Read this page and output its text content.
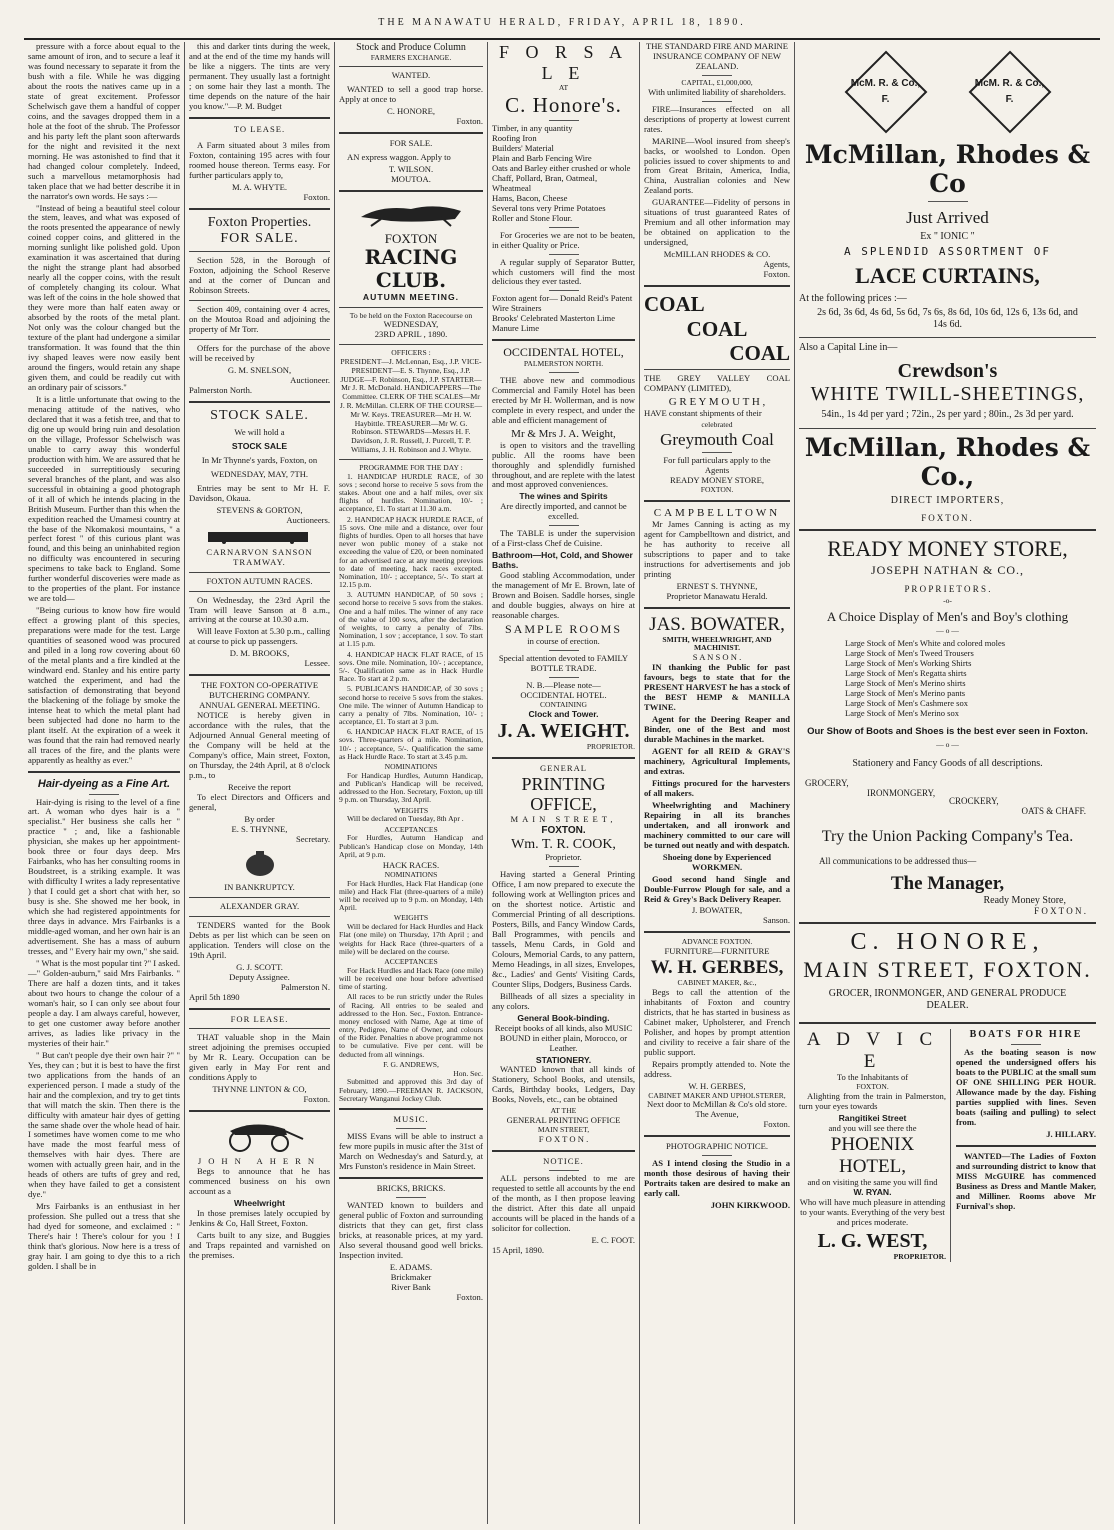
THE MANAWATU HERALD, FRIDAY, APRIL 18, 1890.

pressure with a force about equal to the same amount of iron, and to secure a leaf it was found necessary to separate it from the bush with a file. While he was digging about the roots the natives came up in a state of great excitement. Professor Schelwisch gave them a handful of copper coins, and the savages dropped them in a hole at the foot of the shrub. The Professor and his party left the plant soon afterwards for the night and revisited it the next morning. He was astonished to find that it had changed colour completely. Indeed, such a marvellous metamorphosis had taken place that we had better describe it in the narrator's own words. He says :—

"Instead of being a beautiful steel colour the stem, leaves, and what was exposed of the roots presented the appearance of newly coined copper coins, and glittered in the morning sunlight like polished gold. Upon examination it was ascertained that during the night the strange plant had absorbed nearly all the copper coins, with the result of completely changing its colour. What was left of the coins in the hole showed that they were more than half eaten away or absorbed by the roots of the metal plant. Not only was the colour changed but the texture of the plant had undergone a similar transformation. It was found that the thin ivy shaped leaves were now easily bent around the fingers, would retain any shape given them, and could be readily cut with an ordinary pair of scissors."

It is a little unfortunate that owing to the menacing attitude of the natives, who declared that it was a fetish tree, and that to dig one up would bring ruin and desolation on the village, Professor Schelwisch was unable to carry away this wonderful production with him. We are assured that he succeeded in surreptitiously securing several branches of the plant, and was also successful in obtaining a good photograph of it all of which he intends placing in the British Museum. Further than this when the expedition reached the Umamesi country at the base of the Nkomakosi mountains, " a perfect forest " of this curious plant was found, and this being an uninhabited region no difficulty was encountered in securing specimens to take back to England. Some further wonderful discoveries were made as to the properties of the plant. For instance we are told—

"Being curious to know how fire would effect a growing plant of this species, preparations were made for the test. Large quantities of seasoned wood was procured and piled in a long row covering about 60 of the metal plants and a fire kindled at the windward end. Stanley and his entire party watched the experiment, and had the satisfaction of demonstrating that beyond the blackening of the foliage by smoke the intense heat to which the metal plant had been subjected had done no harm to the plant itself. At the expiration of a week it was found that the rain had removed nearly all traces of the fire, and the plants were apparently as healthy as ever."

Hair-dyeing as a Fine Art.

Hair-dying is rising to the level of a fine art. A woman who dyes hair is a " specialist." Her business she calls her " practice " ; and, like a fashionable physician, she makes up her appointment-book three or four days deep. Mrs Fairbanks, who has her consulting rooms in Boudstreet, is a striking example. It was with difficulty I writes a lady representative ) that I could get a short chat with her, so busy is she. She showed me her book, in which she had registered appointments for three days in advance. Mrs Fairbanks is a middle-aged woman, and her own hair is an advertisement. She has a mass of auburn tresses, and " Every hair my own," she said.

" What is the most popular tint ?" I asked.—" Golden-auburn," said Mrs Fairbanks. " There are half a dozen tints, and it takes about two hours to change the colour of a woman's hair, so I can only see about four people a day. I am always careful, however, to get one customer away before another arrives, as ladies like privacy in the mysteries of their hair."

" But can't people dye their own hair ?" " Yes, they can ; but it is best to have the first two applications from the hands of an experienced person. I made a study of the hair and the complexion, and try to get tints that will match the skin. Then there is the difficulty with amateur hair dyes of getting the same shade over the whole head of hair. I sometimes have women come to me who have made the most fearful mess of themselves with hair dyes. There are women with actually green hair, and in the heads of others are tufts of grey and red, when they have failed to get a consistent dye."

Mrs Fairbanks is an enthusiast in her profession. She pulled out a tress that she had dyed for someone, and exclaimed : " There's hair ! There's colour for you ! I think that's glorious. Now here is a tress of gray hair. I am going to dye this to a rich golden. I shall be in

this and darker tints during the week, and at the end of the time my hands will be like a niggers. The tints are very permanent. They usually last a fortnight ; on some hair they last a month. The time depends on the nature of the hair you know."—P. M. Budget

TO LEASE.

A Farm situated about 3 miles from Foxton, containing 195 acres with four roomed house thereon. Terms easy. For further particulars apply to,

M. A. WHYTE.
Foxton.
Foxton Properties.
FOR SALE.

Section 528, in the Borough of Foxton, adjoining the School Reserve and at the corner of Duncan and Robinson Streets.

Section 409, containing over 4 acres, on the Moutoa Road and adjoining the property of Mr Torr.

Offers for the purchase of the above will be received by

G. M. SNELSON,
Auctioneer.
Palmerston North.
STOCK SALE.
We will hold a
STOCK SALE
In Mr Thynne's yards, Foxton, on
WEDNESDAY, MAY, 7TH.

Entries may be sent to Mr H. F. Davidson, Okaua.

STEVENS & GORTON,
Auctioneers.
CARNARVON SANSON TRAMWAY.
FOXTON AUTUMN RACES.

On Wednesday, the 23rd April the Tram will leave Sanson at 8 a.m., arriving at the course at 10.30 a.m.

Will leave Foxton at 5.30 p.m., calling at course to pick up passengers.

D. M. BROOKS,
Lessee.
THE FOXTON CO-OPERATIVE BUTCHERING COMPANY.
ANNUAL GENERAL MEETING.

NOTICE is hereby given in accordance with the rules, that the Adjourned Annual General meeting of the Company will be held at the Company's office, Main street, Foxton, on Thursday, the 24th April, at 8 o'clock p.m., to

Receive the report

To elect Directors and Officers and general,

By order
E. S. THYNNE,
Secretary.
IN BANKRUPTCY.
ALEXANDER GRAY.

TENDERS wanted for the Book Debts as per list which can be seen on application. Tenders will close on the 19th April.

G. J. SCOTT.
Deputy Assignee.
Palmerston N.
April 5th 1890
FOR LEASE.

THAT valuable shop in the Main street adjoining the premises occupied by Mr R. Leary. Occupation can be given early in May For rent and conditions Apply to

THYNNE LINTON & CO,
Foxton.
JOHN AHERN

Begs to announce that he has commenced business on his own account as a

Wheelwright

In those premises lately occupied by Jenkins & Co, Hall Street, Foxton.

Carts built to any size, and Buggies and Traps repainted and varnished on the premises.

Stock and Produce Column
FARMERS EXCHANGE.
WANTED.

WANTED to sell a good trap horse. Apply at once to

C. HONORE,
Foxton.
FOR SALE.

AN express waggon. Apply to

T. WILSON.
MOUTOA.
FOXTON
RACING CLUB.
AUTUMN MEETING.
To be held on the Foxton Racecourse on
WEDNESDAY,
23RD APRIL , 1890.
OFFICERS :

PRESIDENT—J. McLennan, Esq., J.P. VICE-PRESIDENT—E. S. Thynne, Esq., J.P. JUDGE—F. Robinson, Esq., J.P. STARTER—Mr J. R. McDonald. HANDICAPPERS—The Committee. CLERK OF THE SCALES—Mr J. R. McMillan. CLERK OF THE COURSE—Mr W. Keys. TREASURER—Mr H. W. Haybittle. TREASURER—Mr W. G. Robinson. STEWARDS—Messrs H. F. Davidson, J. R. Russell, J. Purcell, T. P. Williams, J. H. Robinson and J. Whyte.

PROGRAMME FOR THE DAY :

1. HANDICAP HURDLE RACE, of 30 sovs ; second horse to receive 5 sovs from the stakes. About one and a half miles, over six flights of hurdles. Nomination, 10/- ; acceptance, £1. To start at 11.30 a.m.

2. HANDICAP HACK HURDLE RACE, of 15 sovs. One mile and a distance, over four flights of hurdles. Open to all horses that have never won public money of a stake not exceeding the value of £20, or been nominated for an advertised race at any meeting previous to date of meeting, hack races excepted. Nomination, 10/- ; acceptance, 5/-. To start at 12.15 p.m.

3. AUTUMN HANDICAP, of 50 sovs ; second horse to receive 5 sovs from the stakes. One and a half miles. The winner of any race of the value of 100 sovs, after the declaration of weights, to carry a penalty of 7lbs. Nomination, 1 sov ; acceptance, 1 sov. To start at 1.15 p.m.

4. HANDICAP HACK FLAT RACE, of 15 sovs. One mile. Nomination, 10/- ; acceptance, 5/-. Qualification same as in Hack Hurdle Race. To start at 2 p.m.

5. PUBLICAN'S HANDICAP, of 30 sovs ; second horse to receive 5 sovs from the stakes. One mile. The winner of Autumn Handicap to carry a penalty of 7lbs. Nomination, 10/- ; acceptance, £1. To start at 3 p.m.

6. HANDICAP HACK FLAT RACE, of 15 sovs. Three-quarters of a mile. Nomination, 10/- ; acceptance, 5/-. Qualification the same as Hack Hurdle Race. To start at 3.45 p.m.

NOMINATIONS

For Handicap Hurdles, Autumn Handicap, and Publican's Handicap will be received, addressed to the Hon. Secretary, Foxton, up till 9 p.m. on Thursday, 3rd April.

WEIGHTS

Will be declared on Tuesday, 8th Apr .

ACCEPTANCES

For Hurdles, Autumn Handicap and Publican's Handicap close on Monday, 14th April, at 9 p.m.

HACK RACES.
NOMINATIONS

For Hack Hurdles, Hack Flat Handicap (one mile) and Hack Flat (three-quarters of a mile) will be received up to 9 p.m. on Monday, 14th April.

WEIGHTS

Will be declared for Hack Hurdles and Hack Flat (one mile) on Thursday, 17th April ; and weights for Hack Race (three-quarters of a mile) will be declared on the course.

ACCEPTANCES

For Hack Hurdles and Hack Race (one mile) will be received one hour before advertised time of starting.

All races to be run strictly under the Rules of Racing. All entries to be sealed and addressed to the Hon. Sec., Foxton. Entrance-money enclosed with Name, Age at time of entry, Pedigree, Name of Owner, and colours of the Rider. Penalties n above programme not to be cumulative. Five per cent. will be deducted from all winnings.

F. G. ANDREWS,
Hon. Sec.

Submitted and approved this 3rd day of February, 1890.—FREEMAN R. JACKSON, Secretary Wanganui Jockey Club.

MUSIC.

MISS Evans will be able to instruct a few more pupils in music after the 31st of March on Wednesday's and Saturd.y, at Mrs Funston's residence in Main Street.

BRICKS, BRICKS.

WANTED known to builders and general public of Foxton and surrounding districts that they can get, first class bricks, at reasonable prices, at my yard. Also several thousand good well bricks. Inspection invited.

E. ADAMS.
Brickmaker
River Bank
Foxton.
F O R S A L E
AT
C. Honore's.
Timber, in any quantity
Roofing Iron
Builders' Material
Plain and Barb Fencing Wire
Oats and Barley either crushed or whole
Chaff, Pollard, Bran, Oatmeal, Wheatmeal
Hams, Bacon, Cheese
Several tons very Prime Potatoes
Roller and Stone Flour.

For Groceries we are not to be beaten, in either Quality or Price.

A regular supply of Separator Butter, which customers will find the most delicious they ever tasted.

Foxton agent for— Donald Reid's Patent Wire Strainers
Brooks' Celebrated Masterton Lime
Manure Lime
OCCIDENTAL HOTEL,
PALMERSTON NORTH.

THE above new and commodious Commercial and Family Hotel has been erected by Mr H. Wollerman, and is now complete in every respect, and under the able and efficient management of

Mr & Mrs J. A. Weight,

is open to visitors and the travelling public. All the rooms have been thoroughly and splendidly furnished throughout, and are replete with the latest and most approved conveniences.

The wines and Spirits

Are directly imported, and cannot be excelled.

The TABLE is under the supervision of a First-class Chef de Cuisine.

Bathroom—Hot, Cold, and Shower Baths.

Good stabling Accommodation, under the management of Mr E. Brown, late of Brown and Boisen. Saddle horses, single and double buggies, always on hire at reasonable charges.

SAMPLE ROOMS
in course of erection.

Special attention devoted to FAMILY BOTTLE TRADE.

N. B.—Please note—
OCCIDENTAL HOTEL.
CONTAINING
Clock and Tower.
J. A. WEIGHT.
PROPRIETOR.
GENERAL
PRINTING OFFICE,
MAIN STREET,
FOXTON.
Wm. T. R. COOK,
Proprietor.

Having started a General Printing Office, I am now prepared to execute the following work at Wellington prices and on the shortest notice. Artistic and Commercial Printing of all descriptions. Posters, Bills, and Fancy Window Cards, Ball Programmes, with pencils and tassels, Menu Cards, in Gold and Colours, Memorial Cards, to any pattern, Memo Headings, in all sizes, Envelopes, &c., Ladies' and Gents' Visiting Cards, Counter Slips, Dodgers, Business Cards.

Billheads of all sizes a speciality in any colors.

General Book-binding.

Receipt books of all kinds, also MUSIC BOUND in either plain, Morocco, or Leather.

STATIONERY.

WANTED known that all kinds of Stationery, School Books, and utensils, Cards, Birthday books, Ledgers, Day Books, Novels, etc., can be obtained

AT THE
GENERAL PRINTING OFFICE
MAIN STREET,
F O X T O N .
NOTICE.

ALL persons indebted to me are requested to settle all accounts by the end of the month, as I then propose leaving the district. After this date all unpaid accounts will be placed in the hands of a solicitor for collection.

E. C. FOOT.
15 April, 1890.
THE STANDARD FIRE AND MARINE INSURANCE COMPANY OF NEW ZEALAND.
CAPITAL, £1,000,000,
With unlimited liability of shareholders.

FIRE—Insurances effected on all descriptions of property at lowest current rates.

MARINE—Wool insured from sheep's backs, or woolshed to London. Open policies issued to cover shipments to and from Great Britain, America, India, China, Australian colonies and New Zealand ports.

GUARANTEE—Fidelity of persons in situations of trust guaranteed Rates of Premium and all other information may be obtained on application to the undersigned,

McMILLAN RHODES & CO.
Agents,
Foxton.
COAL
COAL
COAL

THE GREY VALLEY COAL COMPANY (LIMITED),

G R E Y M O U T H ,

HAVE constant shipments of their

celebrated
Greymouth Coal
For full particulars apply to the
Agents
READY MONEY STORE,
FOXTON.
CAMPBELLTOWN

Mr James Canning is acting as my agent for Campbelltown and district, and he has authority to receive all subscriptions to paper and to take instructions for advertisements and job printing

ERNEST S. THYNNE,
Proprietor Manawatu Herald.
JAS. BOWATER,
SMITH, WHEELWRIGHT, AND MACHINIST.
S A N S O N .

IN thanking the Public for past favours, begs to state that for the PRESENT HARVEST he has a stock of the BEST HEMP & MANILLA TWINE.

Agent for the Deering Reaper and Binder, one of the Best and most durable Machines in the market.

AGENT for all REID & GRAY'S machinery, Agricultural Implements, and extras.

Fittings procured for the harvesters of all makers.

Wheelwrighting and Machinery Repairing in all its branches undertaken, and all ironwork and machinery committed to our care will be turned out neatly and with despatch.

Shoeing done by Experienced WORKMEN.

Good second hand Single and Double-Furrow Plough for sale, and a Reid & Grey's Back Delivery Reaper.

J. BOWATER,
Sanson.
ADVANCE FOXTON.
FURNITURE—FURNITURE
W. H. GERBES,
CABINET MAKER, &c.,

Begs to call the attention of the inhabitants of Foxton and country districts, that he has started in business as Cabinet maker, Upholsterer, and French Polisher, and hopes by prompt attention and civility to receive a fair share of the public support.

Repairs promptly attended to. Note the address.

W. H. GERBES,
CABINET MAKER AND UPHOLSTERER,
Next door to McMillan & Co's old store.
The Avenue,
Foxton.
PHOTOGRAPHIC NOTICE.

AS I intend closing the Studio in a month those desirous of having their Portraits taken are desired to make an early call.

JOHN KIRKWOOD.
McM. R. & Co.,
F.
McM. R. & Co.,
F.
McMillan, Rhodes & Co
Just Arrived
Ex " IONIC "
A SPLENDID ASSORTMENT OF
LACE CURTAINS,
At the following prices :—
2s 6d, 3s 6d, 4s 6d, 5s 6d, 7s 6s, 8s 6d, 10s 6d, 12s 6, 13s 6d, and 14s 6d.
Also a Capital Line in—
Crewdson's
WHITE TWILL-SHEETINGS,
54in., 1s 4d per yard ; 72in., 2s per yard ; 80in., 2s 3d per yard.
McMillan, Rhodes & Co.,
DIRECT IMPORTERS,
FOXTON.
READY MONEY STORE,
JOSEPH NATHAN & CO.,
P R O P R I E T O R S .
-o-
A Choice Display of Men's and Boy's clothing
— o —
Large Stock of Men's White and colored moles
Large Stock of Men's Tweed Trousers
Large Stock of Men's Working Shirts
Large Stock of Men's Regatta shirts
Large Stock of Men's Merino shirts
Large Stock of Men's Merino pants
Large Stock of Men's Cashmere sox
Large Stock of Men's Merino sox
Our Show of Boots and Shoes is the best ever seen in Foxton.
— o —
Stationery and Fancy Goods of all descriptions.
GROCERY,
IRONMONGERY,
CROCKERY,
OATS & CHAFF.
Try the Union Packing Company's Tea.
All communications to be addressed thus—
The Manager,
Ready Money Store,
F O X T O N .
C. HONORE,
MAIN STREET, FOXTON.
GROCER, IRONMONGER, AND GENERAL PRODUCE DEALER.
A D V I C E
To the Inhabitants of
FOXTON.

Alighting from the train in Palmerston, turn your eyes towards

Rangitikei Street
and you will see there the
PHOENIX HOTEL,
and on visiting the same you will find
W. RYAN.

Who will have much pleasure in attending to your wants. Everything of the very best and prices moderate.

L. G. WEST,
PROPRIETOR.
BOATS FOR HIRE

As the boating season is now opened the undersigned offers his boats to the PUBLIC at the small sum OF ONE SHILLING PER HOUR. Allowance made by the day. Fishing parties supplied with lines. Seven boats (sailing and pulling) to select from.

J. HILLARY.

WANTED—The Ladies of Foxton and surrounding district to know that MISS McGUIRE has commenced Business as Dress and Mantle Maker, and Milliner. Rooms above Mr Furnival's shop.
